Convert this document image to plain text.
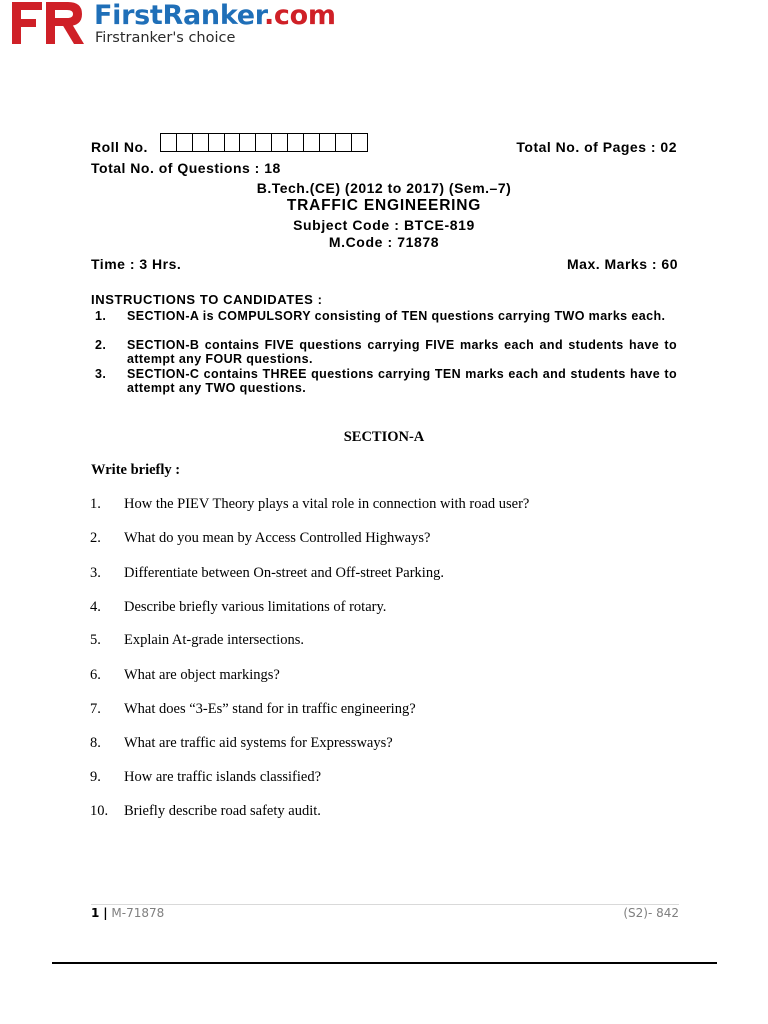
FirstRanker.com
Firstranker's choice
Roll No.	Total No. of Pages : 02
Total No. of Questions : 18
B.Tech.(CE) (2012 to 2017) (Sem.–7)
TRAFFIC ENGINEERING
Subject Code : BTCE-819
M.Code : 71878
Time : 3 Hrs.	Max. Marks : 60
INSTRUCTIONS TO CANDIDATES :
1.	SECTION-A is COMPULSORY consisting of TEN questions carrying TWO marks each.
2.	SECTION-B contains FIVE questions carrying FIVE marks each and students have to attempt any FOUR questions.
3.	SECTION-C contains THREE questions carrying TEN marks each and students have to attempt any TWO questions.
SECTION-A
Write briefly :
1.	How the PIEV Theory plays a vital role in connection with road user?
2.	What do you mean by Access Controlled Highways?
3.	Differentiate between On-street and Off-street Parking.
4.	Describe briefly various limitations of rotary.
5.	Explain At-grade intersections.
6.	What are object markings?
7.	What does “3-Es” stand for in traffic engineering?
8.	What are traffic aid systems for Expressways?
9.	How are traffic islands classified?
10.	Briefly describe road safety audit.
1 | M-71878	(S2)- 842
